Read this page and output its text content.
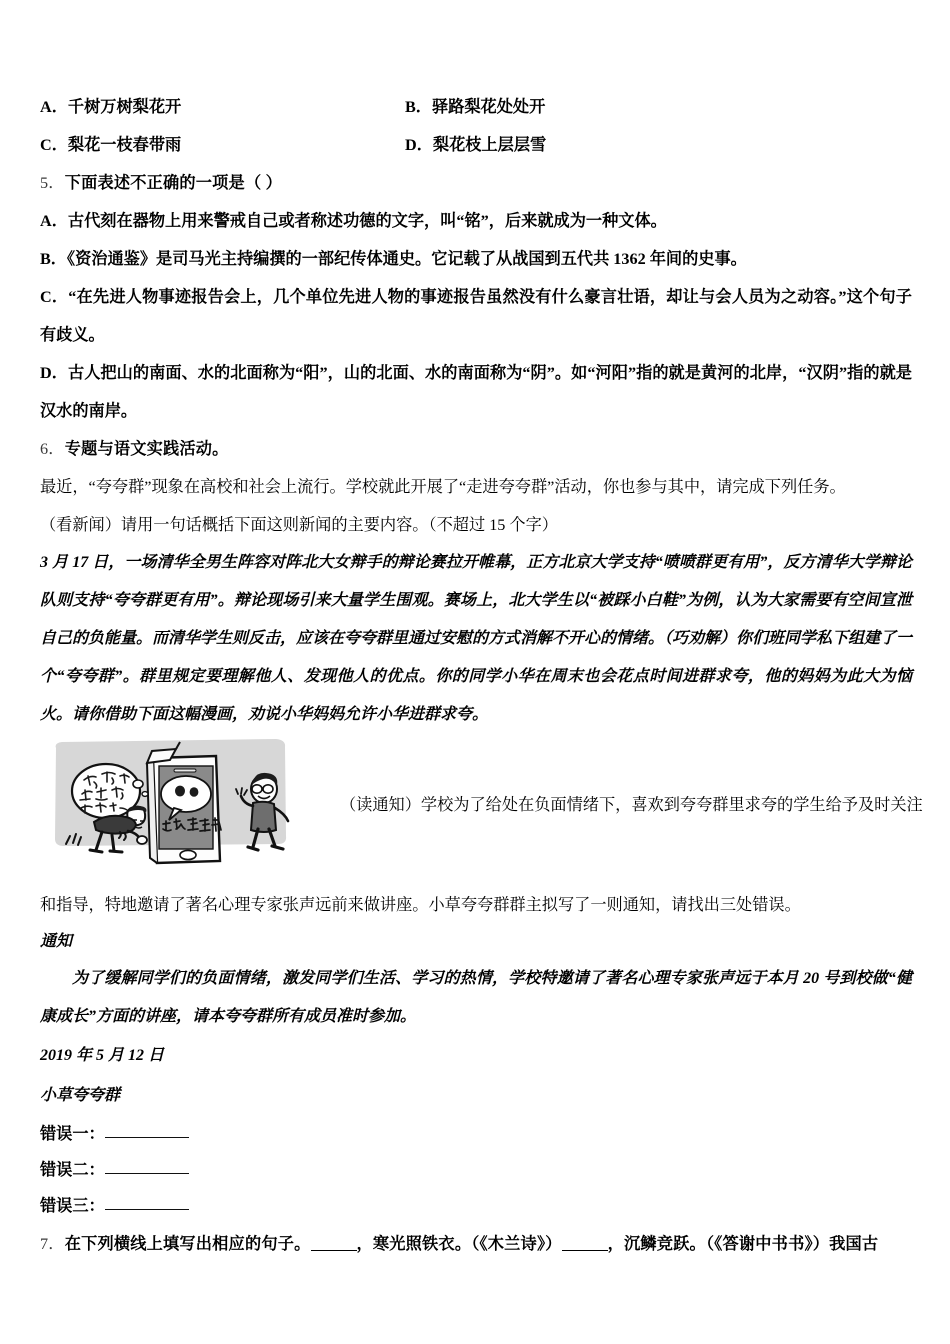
A．千树万树梨花开	B．驿路梨花处处开
C．梨花一枝春带雨	D．梨花枝上层层雪
5．下面表述不正确的一项是（ ）
A．古代刻在器物上用来警戒自己或者称述功德的文字，叫“铭”，后来就成为一种文体。
B．《资治通鉴》是司马光主持编撰的一部纪传体通史。它记载了从战国到五代共 1362 年间的史事。
C．“在先进人物事迹报告会上，几个单位先进人物的事迹报告虽然没有什么豪言壮语，却让与会人员为之动容。”这个句子有歧义。
D．古人把山的南面、水的北面称为“阳”，山的北面、水的南面称为“阴”。如“河阳”指的就是黄河的北岸，“汉阴”指的就是汉水的南岸。
6．专题与语文实践活动。
最近，“夸夸群”现象在高校和社会上流行。学校就此开展了“走进夸夸群”活动，你也参与其中，请完成下列任务。
（看新闻）请用一句话概括下面这则新闻的主要内容。（不超过 15 个字）
3 月 17 日，一场清华全男生阵容对阵北大女辩手的辩论赛拉开帷幕，正方北京大学支持“喷喷群更有用”，反方清华大学辩论队则支持“夸夸群更有用”。辩论现场引来大量学生围观。赛场上，北大学生以“被踩小白鞋”为例，认为大家需要有空间宣泄自己的负能量。而清华学生则反击，应该在夸夸群里通过安慰的方式消解不开心的情绪。（巧劝解）你们班同学私下组建了一个“夸夸群”。群里规定要理解他人、发现他人的优点。你的同学小华在周末也会花点时间进群求夸，他的妈妈为此大为恼火。请你借助下面这幅漫画，劝说小华妈妈允许小华进群求夸。
（读通知）学校为了给处在负面情绪下，喜欢到夸夸群里求夸的学生给予及时关注
和指导，特地邀请了著名心理专家张声远前来做讲座。小草夸夸群群主拟写了一则通知，请找出三处错误。
通知
为了缓解同学们的负面情绪，激发同学们生活、学习的热情，学校特邀请了著名心理专家张声远于本月 20 号到校做“健康成长”方面的讲座，请本夸夸群所有成员准时参加。
2019 年 5 月 12 日
小草夸夸群
错误一：
错误二：
错误三：
7．在下列横线上填写出相应的句子。	，寒光照铁衣。（《木兰诗》）	，沉鳞竞跃。（《答谢中书书》）我国古
